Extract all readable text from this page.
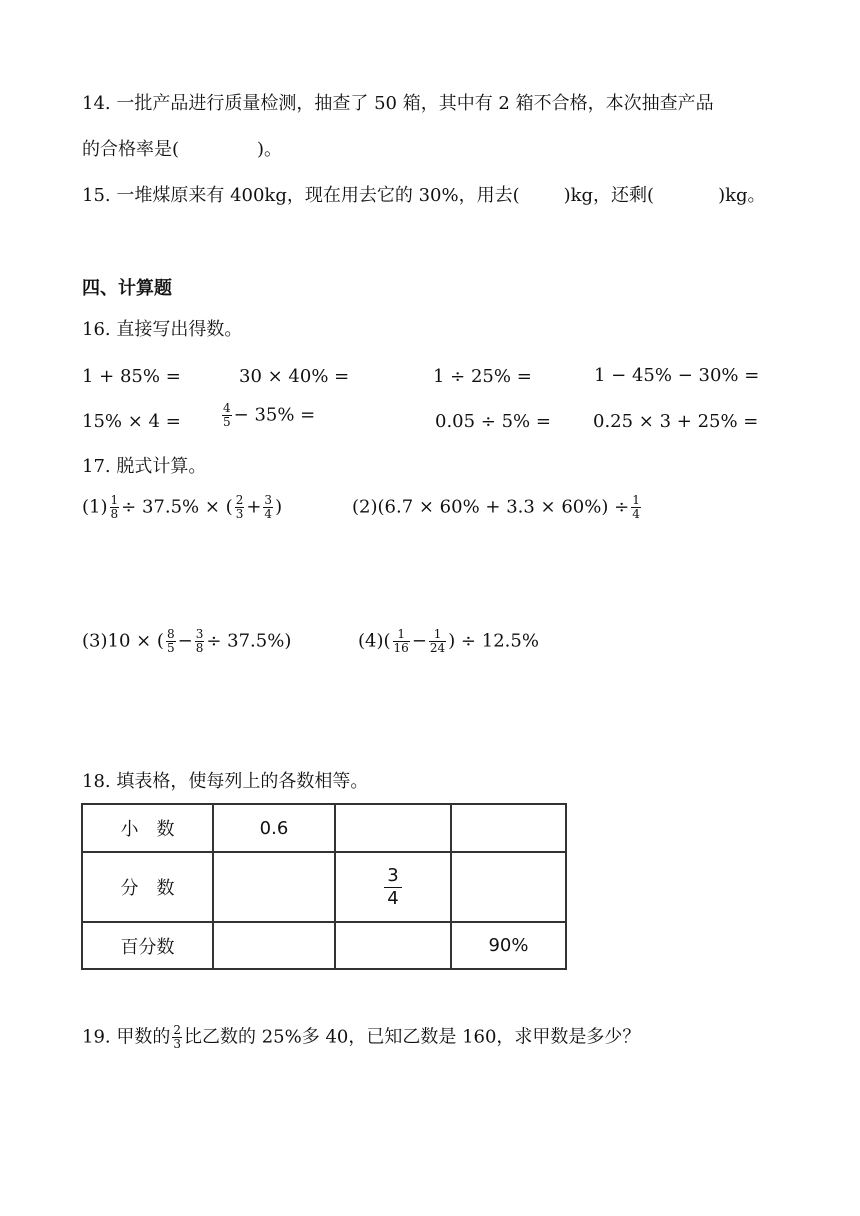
14. 一批产品进行质量检测，抽查了 50 箱，其中有 2 箱不合格，本次抽查产品
的合格率是(	)。
15. 一堆煤原来有 400kg，现在用去它的 30%，用去( )kg，还剩(	)kg。
四、计算题
16. 直接写出得数。
1 + 85% =	30 × 40% =	1 ÷ 25% =	1 − 45% − 30% =
15% × 4 =	$\frac{4}{5} - 35\%$ =	0.05 ÷ 5% = 0.25 × 3 + 25% =
17. 脱式计算。
$(1) \frac{1}{8} \div 37.5\%$ × ( $\frac{2}{3} + \frac{3}{4}$ )	$(2)(6.7 \times 60\% + 3.3 \times 60\%) \div \frac{1}{4}$
(3)10 × ( $\frac{8}{5} - \frac{3}{8} \div 37.5\%$)	$(4)( \frac{1}{16} - \frac{1}{24}$ ) ÷ 12.5%
18. 填表格，使每列上的各数相等。
小　数	0.6		
分　数		$\frac{3}{4}$

百分数			90%
19. 甲数的 $\frac{2}{3}$ 比乙数的 25%多 40，已知乙数是 160，求甲数是多少？
